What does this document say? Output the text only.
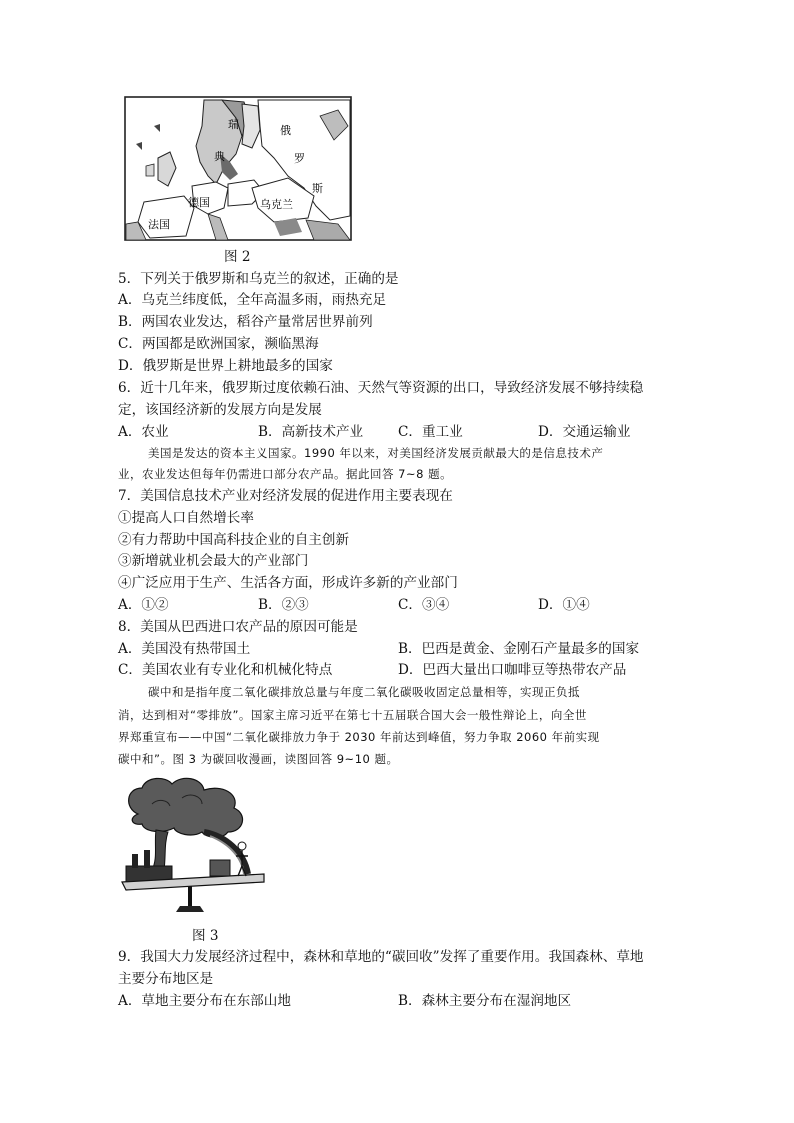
瑞
典
俄
罗
斯
德国	乌克兰
法国
图 2
5．下列关于俄罗斯和乌克兰的叙述，正确的是
A．乌克兰纬度低，全年高温多雨，雨热充足
B．两国农业发达，稻谷产量常居世界前列
C．两国都是欧洲国家，濒临黑海
D．俄罗斯是世界上耕地最多的国家
6．近十几年来，俄罗斯过度依赖石油、天然气等资源的出口，导致经济发展不够持续稳
定，该国经济新的发展方向是发展
A．农业	B．高新技术产业	C．重工业	D．交通运输业
美国是发达的资本主义国家。1990 年以来，对美国经济发展贡献最大的是信息技术产
业，农业发达但每年仍需进口部分农产品。据此回答 7~8 题。
7．美国信息技术产业对经济发展的促进作用主要表现在
①提高人口自然增长率
②有力帮助中国高科技企业的自主创新
③新增就业机会最大的产业部门
④广泛应用于生产、生活各方面，形成许多新的产业部门
A．①②	B．②③	C．③④	D．①④
8．美国从巴西进口农产品的原因可能是
A．美国没有热带国土	B．巴西是黄金、金刚石产量最多的国家
C．美国农业有专业化和机械化特点	D．巴西大量出口咖啡豆等热带农产品
碳中和是指年度二氧化碳排放总量与年度二氧化碳吸收固定总量相等，实现正负抵
消，达到相对“零排放”。国家主席习近平在第七十五届联合国大会一般性辩论上，向全世
界郑重宣布——中国“二氧化碳排放力争于 2030 年前达到峰值，努力争取 2060 年前实现
碳中和”。图 3 为碳回收漫画，读图回答 9~10 题。
图 3
9．我国大力发展经济过程中，森林和草地的“碳回收”发挥了重要作用。我国森林、草地
主要分布地区是
A．草地主要分布在东部山地	B．森林主要分布在湿润地区
